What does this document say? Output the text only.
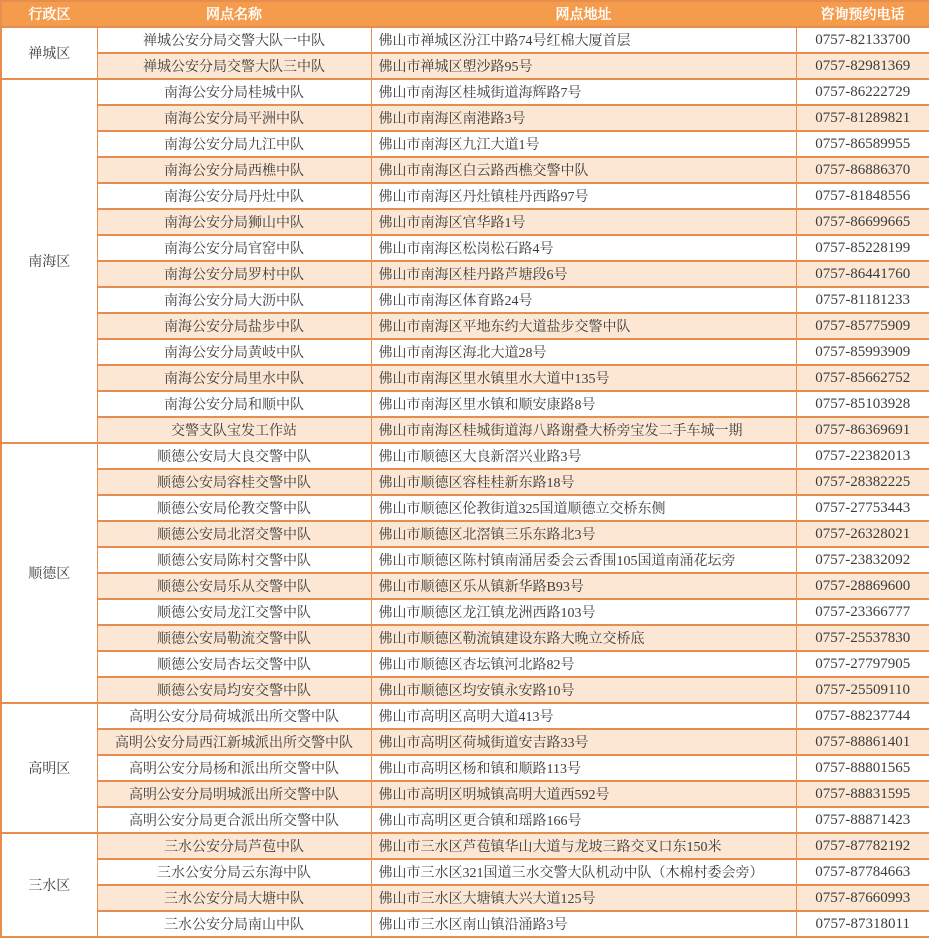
行政区	网点名称	网点地址	咨询预约电话
禅城区	禅城公安分局交警大队一中队	佛山市禅城区汾江中路74号红棉大厦首层	0757-82133700
	禅城公安分局交警大队三中队	佛山市禅城区塱沙路95号	0757-82981369
南海区	南海公安分局桂城中队	佛山市南海区桂城街道海辉路7号	0757-86222729
	南海公安分局平洲中队	佛山市南海区南港路3号	0757-81289821
	南海公安分局九江中队	佛山市南海区九江大道1号	0757-86589955
	南海公安分局西樵中队	佛山市南海区白云路西樵交警中队	0757-86886370
	南海公安分局丹灶中队	佛山市南海区丹灶镇桂丹西路97号	0757-81848556
	南海公安分局狮山中队	佛山市南海区官华路1号	0757-86699665
	南海公安分局官窑中队	佛山市南海区松岗松石路4号	0757-85228199
	南海公安分局罗村中队	佛山市南海区桂丹路芦塘段6号	0757-86441760
	南海公安分局大沥中队	佛山市南海区体育路24号	0757-81181233
	南海公安分局盐步中队	佛山市南海区平地东约大道盐步交警中队	0757-85775909
	南海公安分局黄岐中队	佛山市南海区海北大道28号	0757-85993909
	南海公安分局里水中队	佛山市南海区里水镇里水大道中135号	0757-85662752
	南海公安分局和顺中队	佛山市南海区里水镇和顺安康路8号	0757-85103928
	交警支队宝发工作站	佛山市南海区桂城街道海八路谢叠大桥旁宝发二手车城一期	0757-86369691
顺德区	顺德公安局大良交警中队	佛山市顺德区大良新滘兴业路3号	0757-22382013
	顺德公安局容桂交警中队	佛山市顺德区容桂桂新东路18号	0757-28382225
	顺德公安局伦教交警中队	佛山市顺德区伦教街道325国道顺德立交桥东侧	0757-27753443
	顺德公安局北滘交警中队	佛山市顺德区北滘镇三乐东路北3号	0757-26328021
	顺德公安局陈村交警中队	佛山市顺德区陈村镇南涌居委会云香围105国道南涌花坛旁	0757-23832092
	顺德公安局乐从交警中队	佛山市顺德区乐从镇新华路B93号	0757-28869600
	顺德公安局龙江交警中队	佛山市顺德区龙江镇龙洲西路103号	0757-23366777
	顺德公安局勒流交警中队	佛山市顺德区勒流镇建设东路大晚立交桥底	0757-25537830
	顺德公安局杏坛交警中队	佛山市顺德区杏坛镇河北路82号	0757-27797905
	顺德公安局均安交警中队	佛山市顺德区均安镇永安路10号	0757-25509110
高明区	高明公安分局荷城派出所交警中队	佛山市高明区高明大道413号	0757-88237744
	高明公安分局西江新城派出所交警中队	佛山市高明区荷城街道安吉路33号	0757-88861401
	高明公安分局杨和派出所交警中队	佛山市高明区杨和镇和顺路113号	0757-88801565
	高明公安分局明城派出所交警中队	佛山市高明区明城镇高明大道西592号	0757-88831595
	高明公安分局更合派出所交警中队	佛山市高明区更合镇和瑶路166号	0757-88871423
三水区	三水公安分局芦苞中队	佛山市三水区芦苞镇华山大道与龙坡三路交叉口东150米	0757-87782192
	三水公安分局云东海中队	佛山市三水区321国道三水交警大队机动中队（木棉村委会旁）	0757-87784663
	三水公安分局大塘中队	佛山市三水区大塘镇大兴大道125号	0757-87660993
	三水公安分局南山中队	佛山市三水区南山镇沿涌路3号	0757-87318011
